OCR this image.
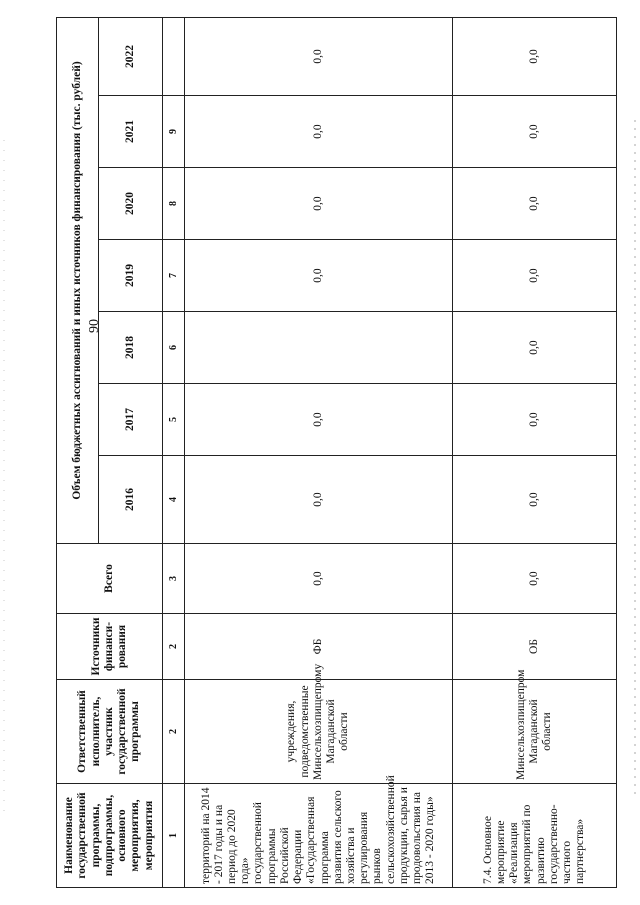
90
Наименование государственной программы, подпрограммы, основного мероприятия, мероприятия	Ответственный исполнитель, участник государственной программы	Источники финанси-рования	Всего	Объем бюджетных ассигнований и иных источников финансирования (тыс. рублей)						
				2016	2017	2018	2019	2020	2021	2022
1	2	2	3	4	5	6	7	8	9	
территорий на 2014 - 2017 годы и на период до 2020 года» государственной программы Российской Федерации «Государственная программа развития сельского хозяйства и регулирования рынков сельскохозяйственной продукции, сырья и продовольствия на 2013 - 2020 годы»	учреждения, подведомственные Минсельхозпищепрому Магаданской области	ФБ	0,0	0,0	0,0		0,0	0,0	0,0	0,0
7.4. Основное мероприятие «Реализация мероприятий по развитию государственно-частного партнерства»	Минсельхозпищепром Магаданской области	ОБ	0,0	0,0	0,0	0,0	0,0	0,0	0,0	0,0
